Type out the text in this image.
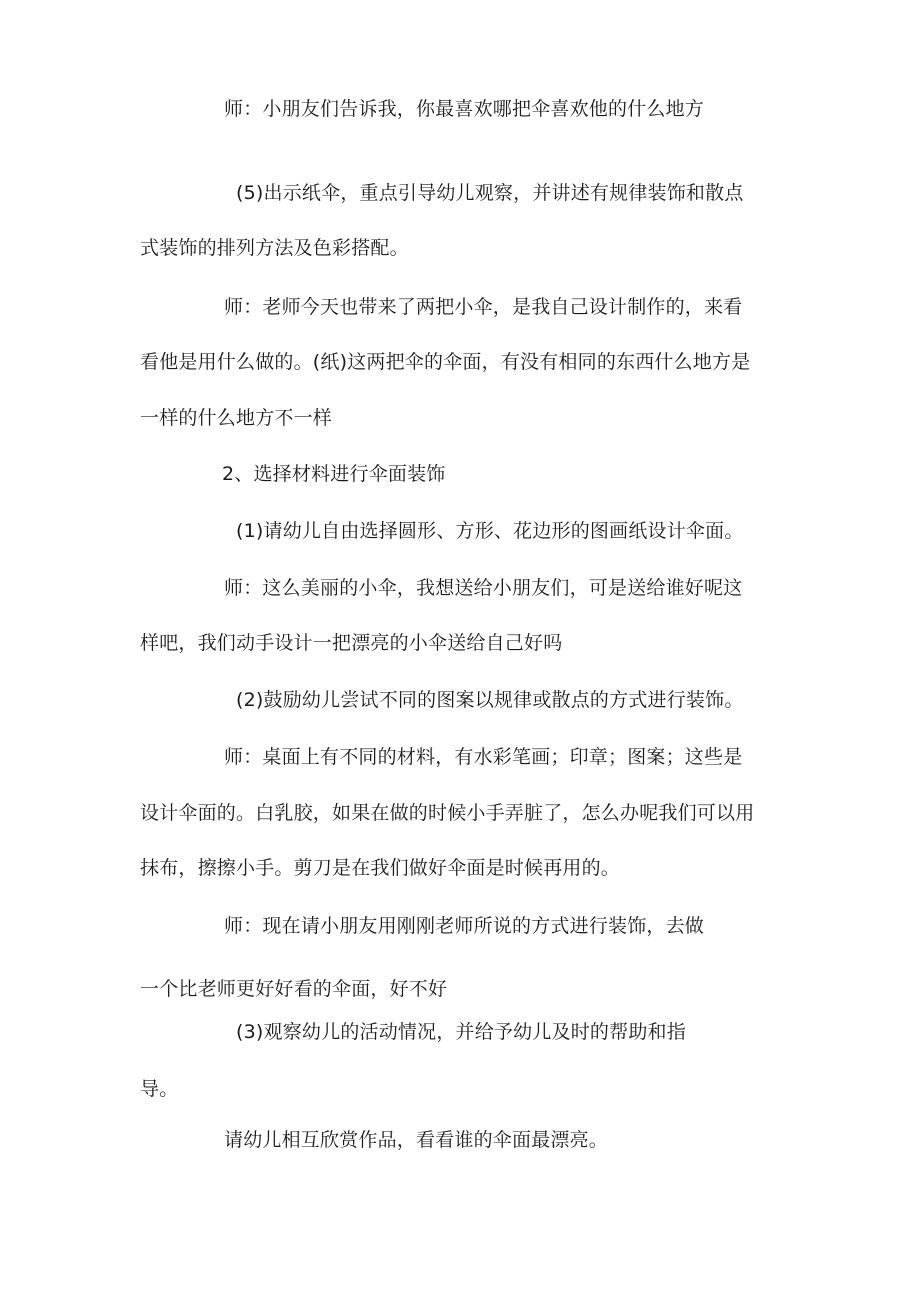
师：小朋友们告诉我，你最喜欢哪把伞喜欢他的什么地方
(5)出示纸伞，重点引导幼儿观察，并讲述有规律装饰和散点
式装饰的排列方法及色彩搭配。
师：老师今天也带来了两把小伞，是我自己设计制作的，来看
看他是用什么做的。(纸)这两把伞的伞面，有没有相同的东西什么地方是
一样的什么地方不一样
2、选择材料进行伞面装饰
(1)请幼儿自由选择圆形、方形、花边形的图画纸设计伞面。
师：这么美丽的小伞，我想送给小朋友们，可是送给谁好呢这
样吧，我们动手设计一把漂亮的小伞送给自己好吗
(2)鼓励幼儿尝试不同的图案以规律或散点的方式进行装饰。
师：桌面上有不同的材料，有水彩笔画；印章；图案；这些是
设计伞面的。白乳胶，如果在做的时候小手弄脏了，怎么办呢我们可以用
抹布，擦擦小手。剪刀是在我们做好伞面是时候再用的。
师：现在请小朋友用刚刚老师所说的方式进行装饰，去做
一个比老师更好好看的伞面，好不好
(3)观察幼儿的活动情况，并给予幼儿及时的帮助和指
导。
请幼儿相互欣赏作品，看看谁的伞面最漂亮。
